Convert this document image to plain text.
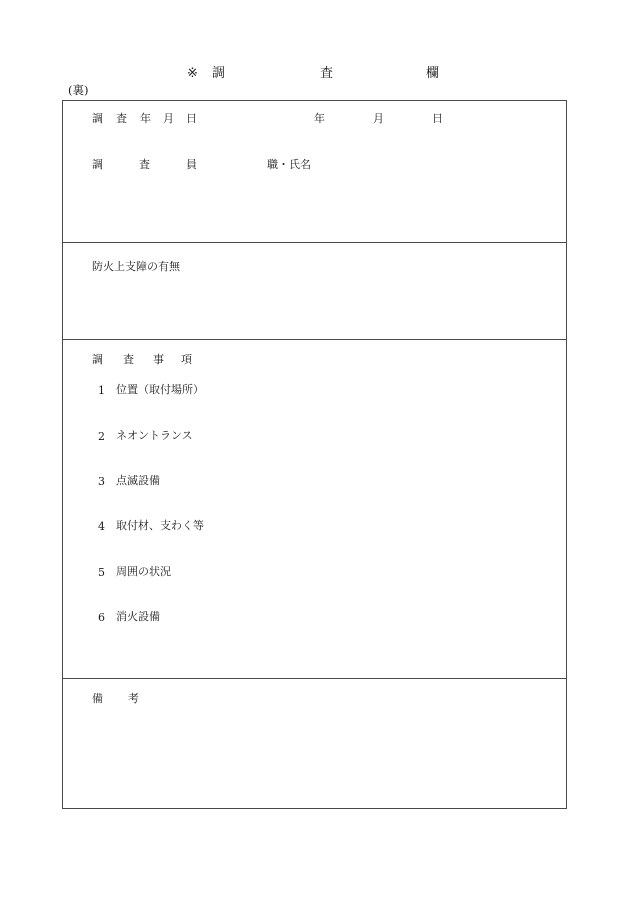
※ 調	査	欄
(裏)
調 査 年 月 日	年	月	日
調	査	員	職・氏名
防火上支障の有無
調 査 事 項
1 位置（取付場所）
2 ネオントランス
3 点滅設備
4 取付材、支わく等
5 周囲の状況
6 消火設備
備 考
